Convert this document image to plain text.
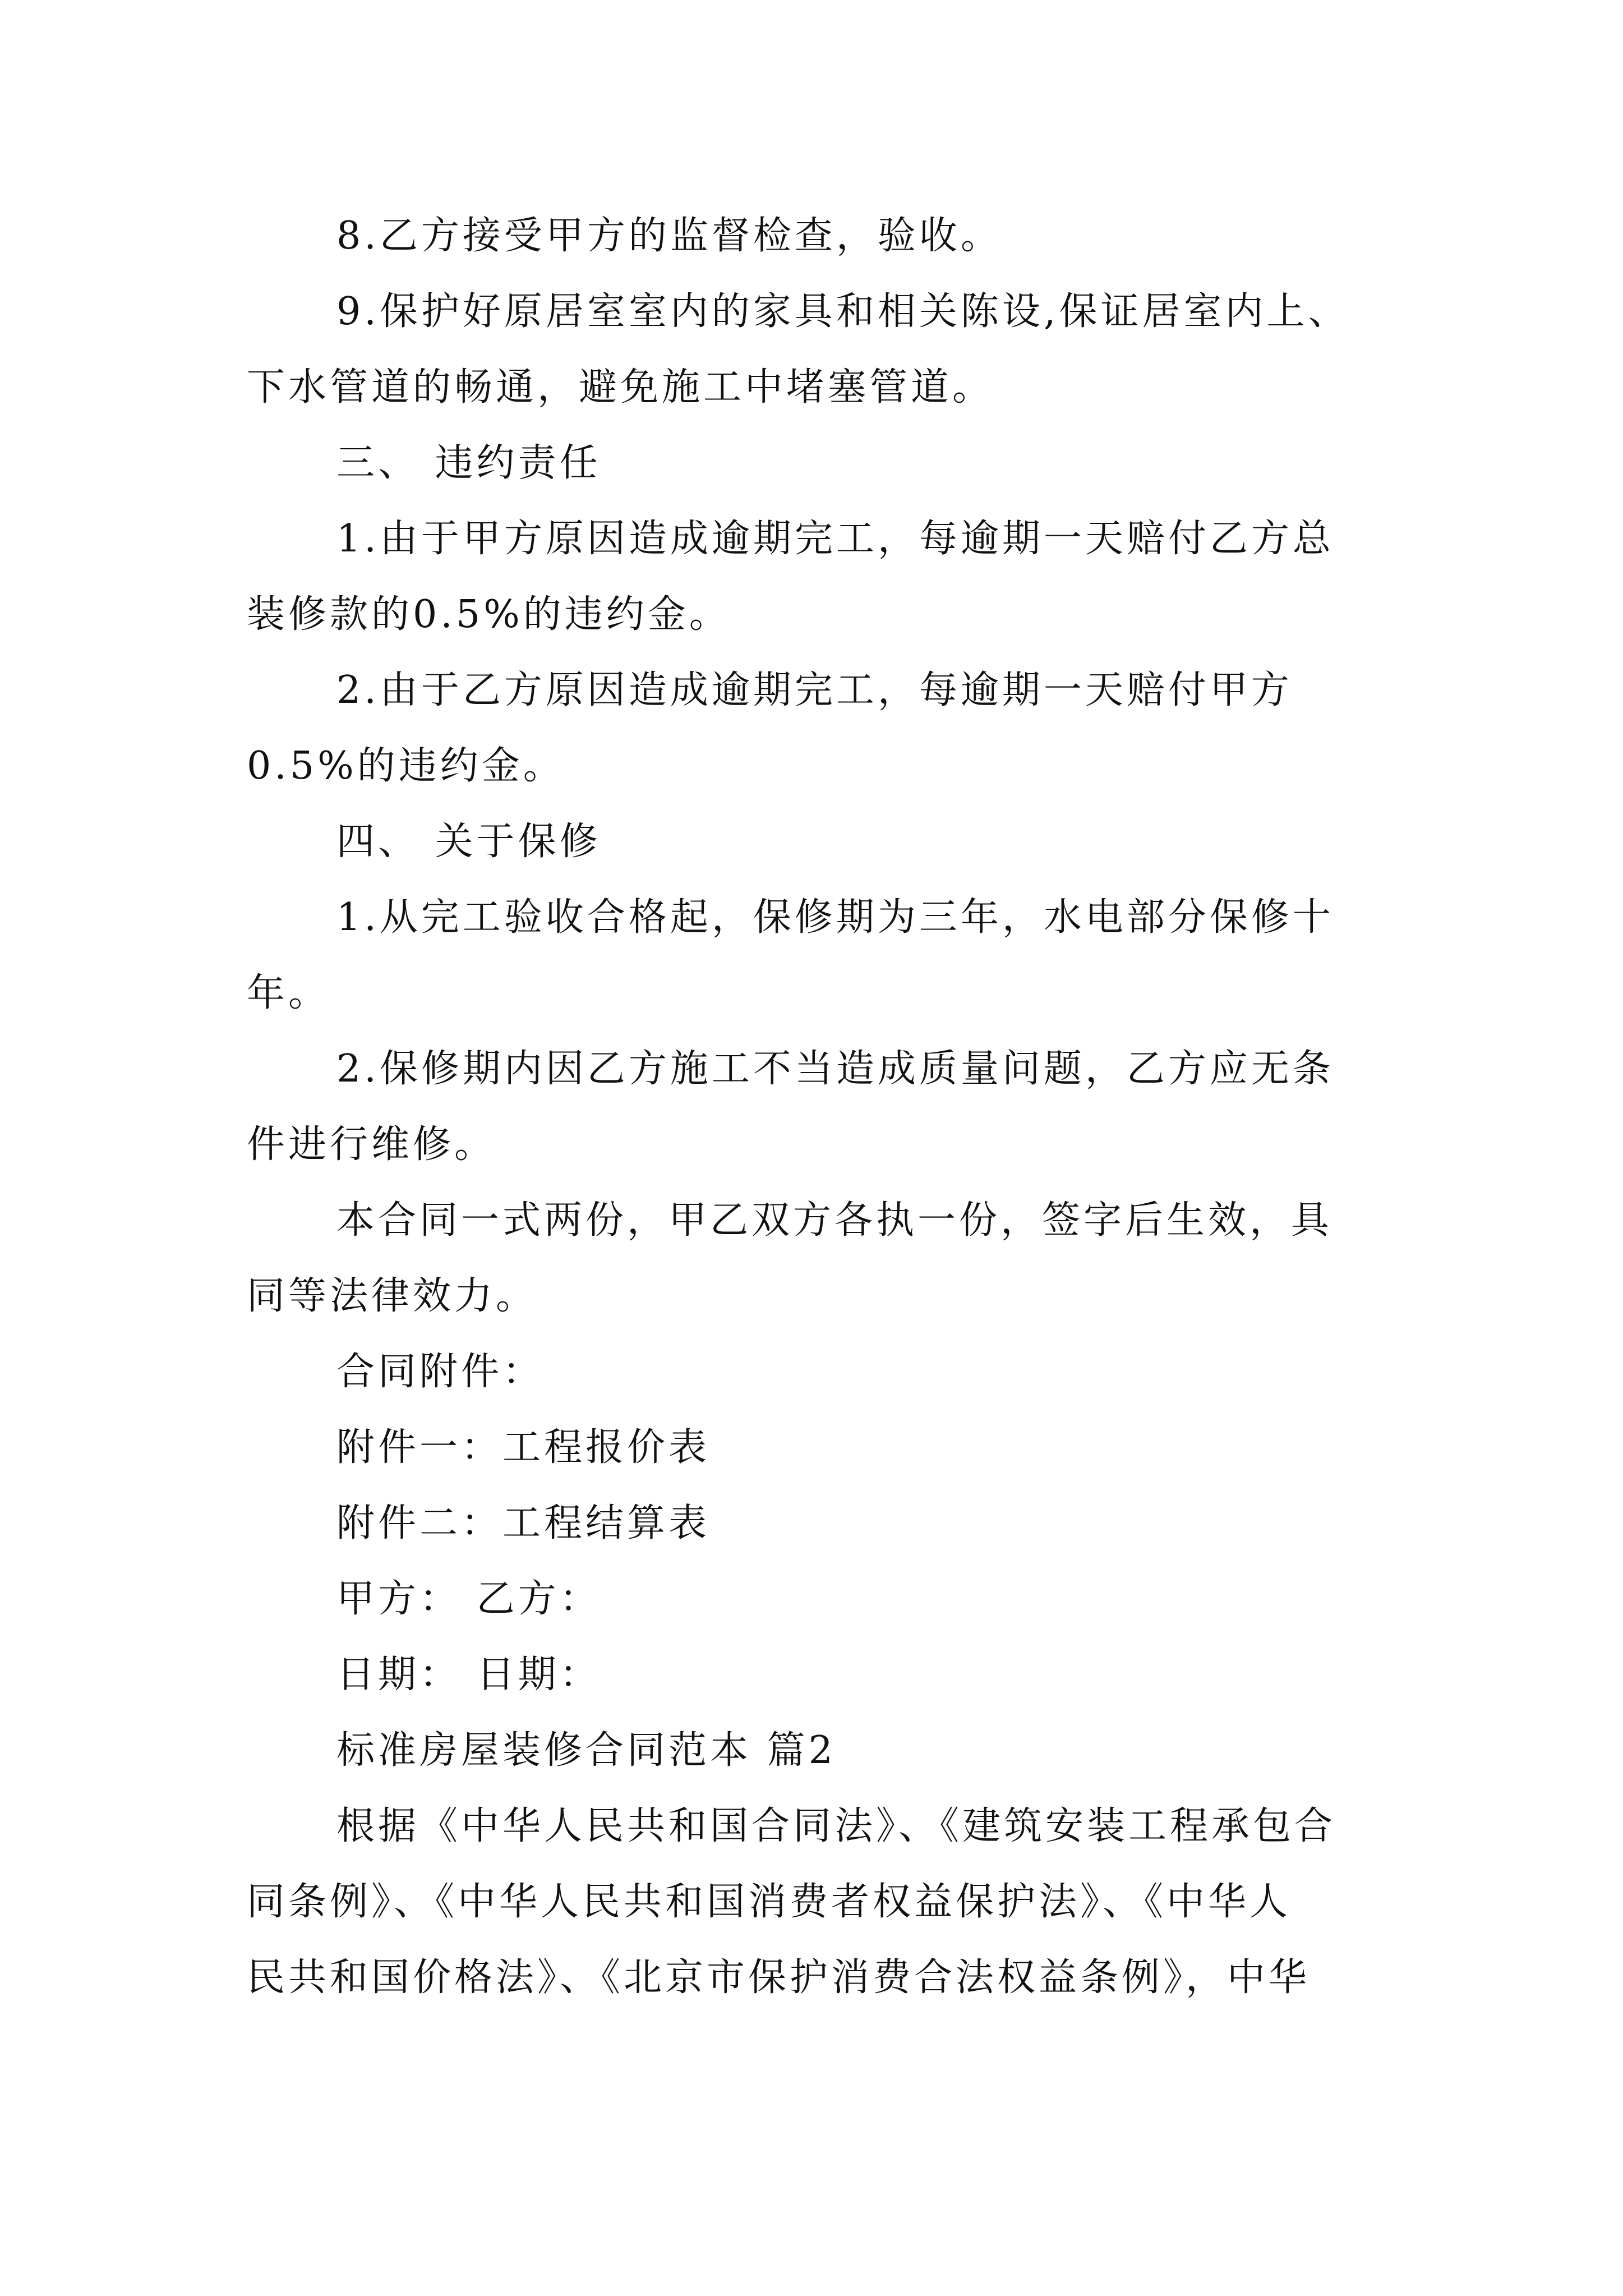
8.乙方接受甲方的监督检查，验收。
9.保护好原居室室内的家具和相关陈设,保证居室内上、
下水管道的畅通，避免施工中堵塞管道。
三、 违约责任
1.由于甲方原因造成逾期完工，每逾期一天赔付乙方总
装修款的0.5%的违约金。
2.由于乙方原因造成逾期完工，每逾期一天赔付甲方
0.5%的违约金。
四、 关于保修
1.从完工验收合格起，保修期为三年，水电部分保修十
年。
2.保修期内因乙方施工不当造成质量问题，乙方应无条
件进行维修。
本合同一式两份，甲乙双方各执一份，签字后生效，具
同等法律效力。
合同附件：
附件一：工程报价表
附件二：工程结算表
甲方： 乙方：
日期： 日期：
标准房屋装修合同范本 篇2
根据《中华人民共和国合同法》、《建筑安装工程承包合
同条例》、《中华人民共和国消费者权益保护法》、《中华人
民共和国价格法》、《北京市保护消费合法权益条例》，中华
